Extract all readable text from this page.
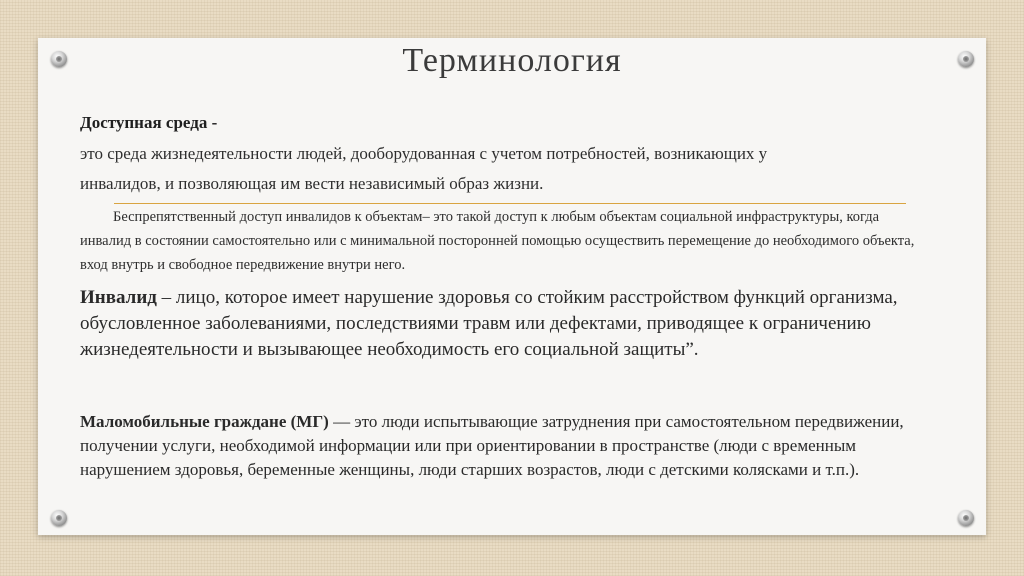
Терминология
Доступная среда -
это среда жизнедеятельности людей, дооборудованная с учетом потребностей, возникающих у инвалидов, и позволяющая им вести независимый образ жизни.
Беспрепятственный доступ инвалидов к объектам– это такой доступ к любым объектам социальной инфраструктуры, когда инвалид в состоянии самостоятельно или с минимальной посторонней помощью осуществить перемещение до необходимого объекта, вход внутрь и свободное передвижение внутри него.
Инвалид – лицо, которое имеет нарушение здоровья со стойким расстройством функций организма, обусловленное заболеваниями, последствиями травм или дефектами, приводящее к ограничению жизнедеятельности и вызывающее необходимость его социальной защиты”.
Маломобильные граждане (МГ) — это люди испытывающие затруднения при самостоятельном передвижении, получении услуги, необходимой информации или при ориентировании в пространстве (люди с временным нарушением здоровья, беременные женщины, люди старших возрастов, люди с детскими колясками и т.п.).
